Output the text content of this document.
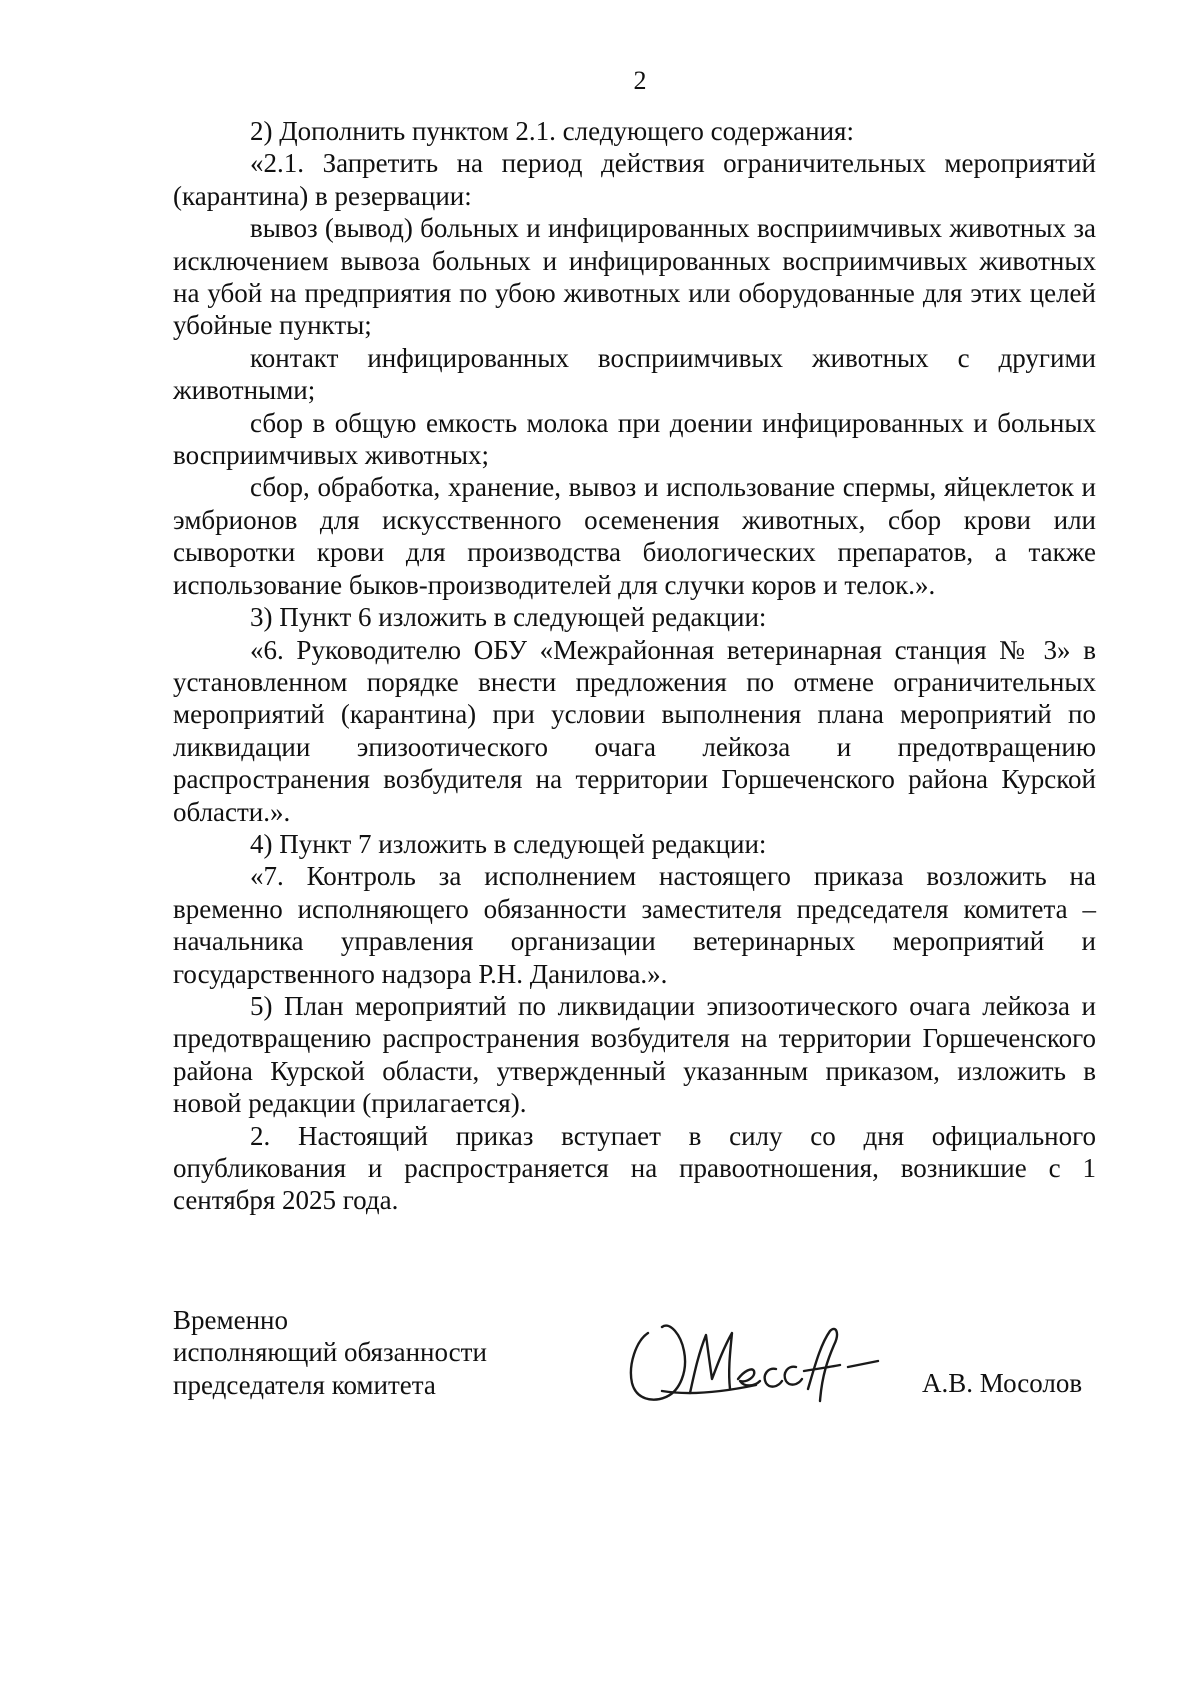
2

2) Дополнить пунктом 2.1. следующего содержания:

«2.1. Запретить на период действия ограничительных мероприятий (карантина) в резервации:

вывоз (вывод) больных и инфицированных восприимчивых животных за исключением вывоза больных и инфицированных восприимчивых животных на убой на предприятия по убою животных или оборудованные для этих целей убойные пункты;

контакт инфицированных восприимчивых животных с другими животными;

сбор в общую емкость молока при доении инфицированных и больных восприимчивых животных;

сбор, обработка, хранение, вывоз и использование спермы, яйцеклеток и эмбрионов для искусственного осеменения животных, сбор крови или сыворотки крови для производства биологических препаратов, а также использование быков-производителей для случки коров и телок.».

3) Пункт 6 изложить в следующей редакции:

«6. Руководителю ОБУ «Межрайонная ветеринарная станция № 3» в установленном порядке внести предложения по отмене ограничительных мероприятий (карантина) при условии выполнения плана мероприятий по ликвидации эпизоотического очага лейкоза и предотвращению распространения возбудителя на территории Горшеченского района Курской области.».

4) Пункт 7 изложить в следующей редакции:

«7. Контроль за исполнением настоящего приказа возложить на временно исполняющего обязанности заместителя председателя комитета – начальника управления организации ветеринарных мероприятий и государственного надзора Р.Н. Данилова.».

5) План мероприятий по ликвидации эпизоотического очага лейкоза и предотвращению распространения возбудителя на территории Горшеченского района Курской области, утвержденный указанным приказом, изложить в новой редакции (прилагается).

2. Настоящий приказ вступает в силу со дня официального опубликования и распространяется на правоотношения, возникшие с 1 сентября 2025 года.

Временно
исполняющий обязанности
председателя комитета	А.В. Мосолов
